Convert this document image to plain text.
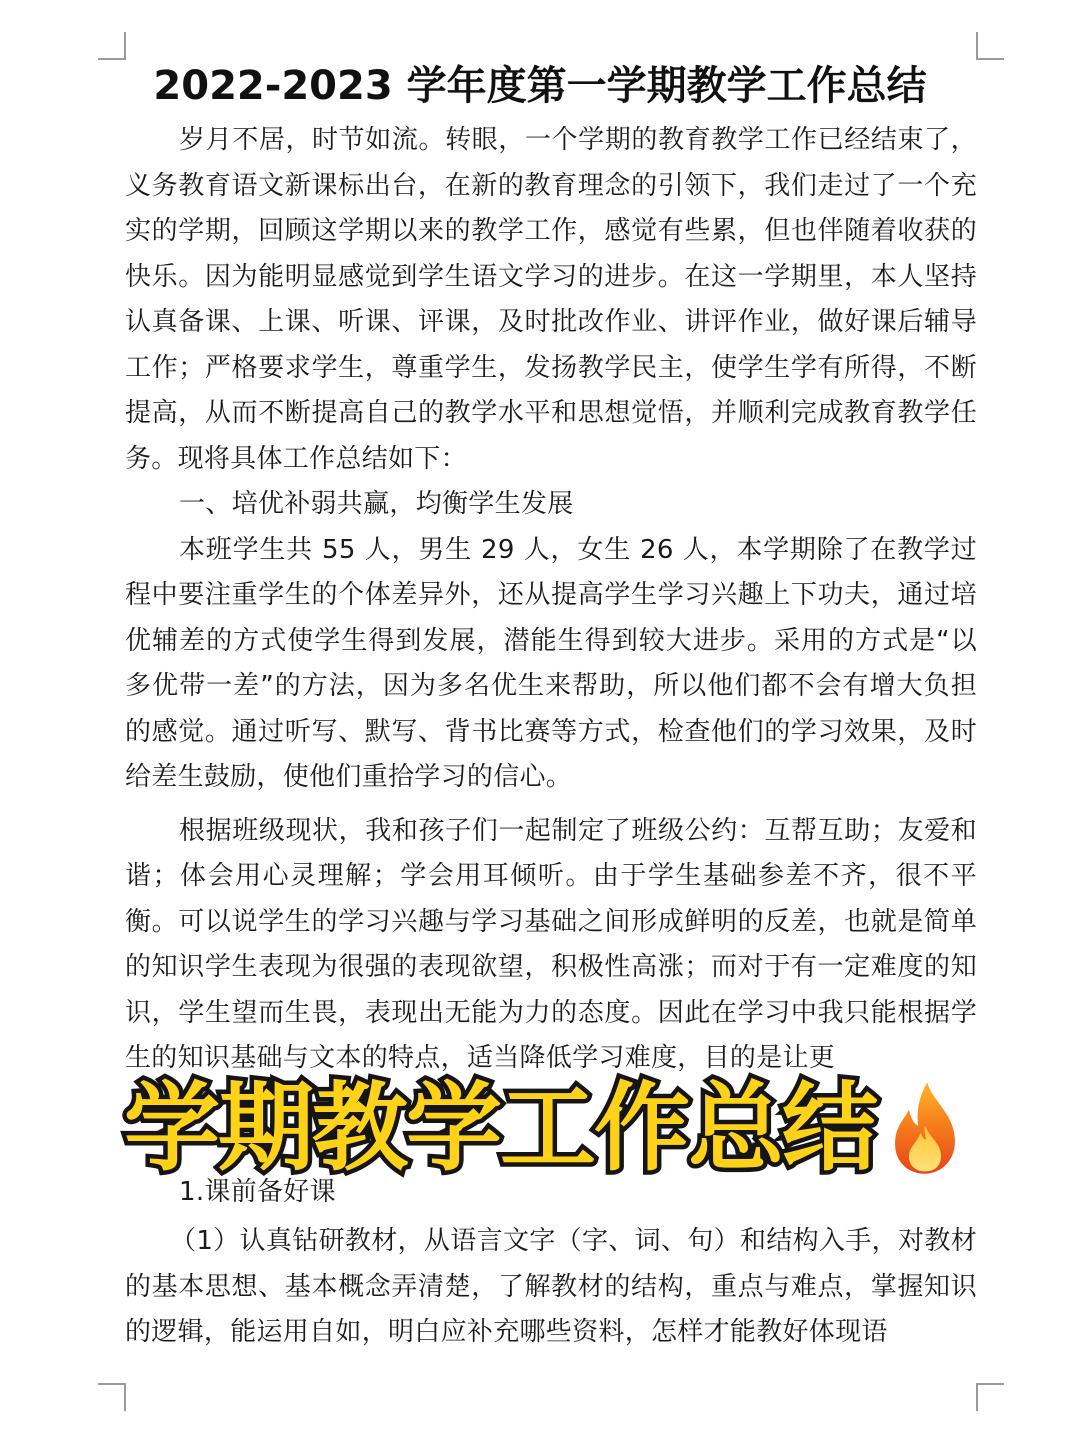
2022-2023 学年度第一学期教学工作总结

岁月不居，时节如流。转眼，一个学期的教育教学工作已经结束了，义务教育语文新课标出台，在新的教育理念的引领下，我们走过了一个充实的学期，回顾这学期以来的教学工作，感觉有些累，但也伴随着收获的快乐。因为能明显感觉到学生语文学习的进步。在这一学期里，本人坚持认真备课、上课、听课、评课，及时批改作业、讲评作业，做好课后辅导工作；严格要求学生，尊重学生，发扬教学民主，使学生学有所得，不断提高，从而不断提高自己的教学水平和思想觉悟，并顺利完成教育教学任务。现将具体工作总结如下：

一、培优补弱共赢，均衡学生发展

本班学生共 55 人，男生 29 人，女生 26 人，本学期除了在教学过程中要注重学生的个体差异外，还从提高学生学习兴趣上下功夫，通过培优辅差的方式使学生得到发展，潜能生得到较大进步。采用的方式是“以多优带一差”的方法，因为多名优生来帮助，所以他们都不会有增大负担的感觉。通过听写、默写、背书比赛等方式，检查他们的学习效果，及时给差生鼓励，使他们重拾学习的信心。

根据班级现状，我和孩子们一起制定了班级公约：互帮互助；友爱和谐；体会用心灵理解；学会用耳倾听。由于学生基础参差不齐，很不平衡。可以说学生的学习兴趣与学习基础之间形成鲜明的反差，也就是简单的知识学生表现为很强的表现欲望，积极性高涨；而对于有一定难度的知识，学生望而生畏，表现出无能为力的态度。因此在学习中我只能根据学生的知识基础与文本的特点，适当降低学习难度，目的是让更

1.课前备好课

（1）认真钻研教材，从语言文字（字、词、句）和结构入手，对教材的基本思想、基本概念弄清楚，了解教材的结构，重点与难点，掌握知识的逻辑，能运用自如，明白应补充哪些资料，怎样才能教好体现语

学期教学工作总结
